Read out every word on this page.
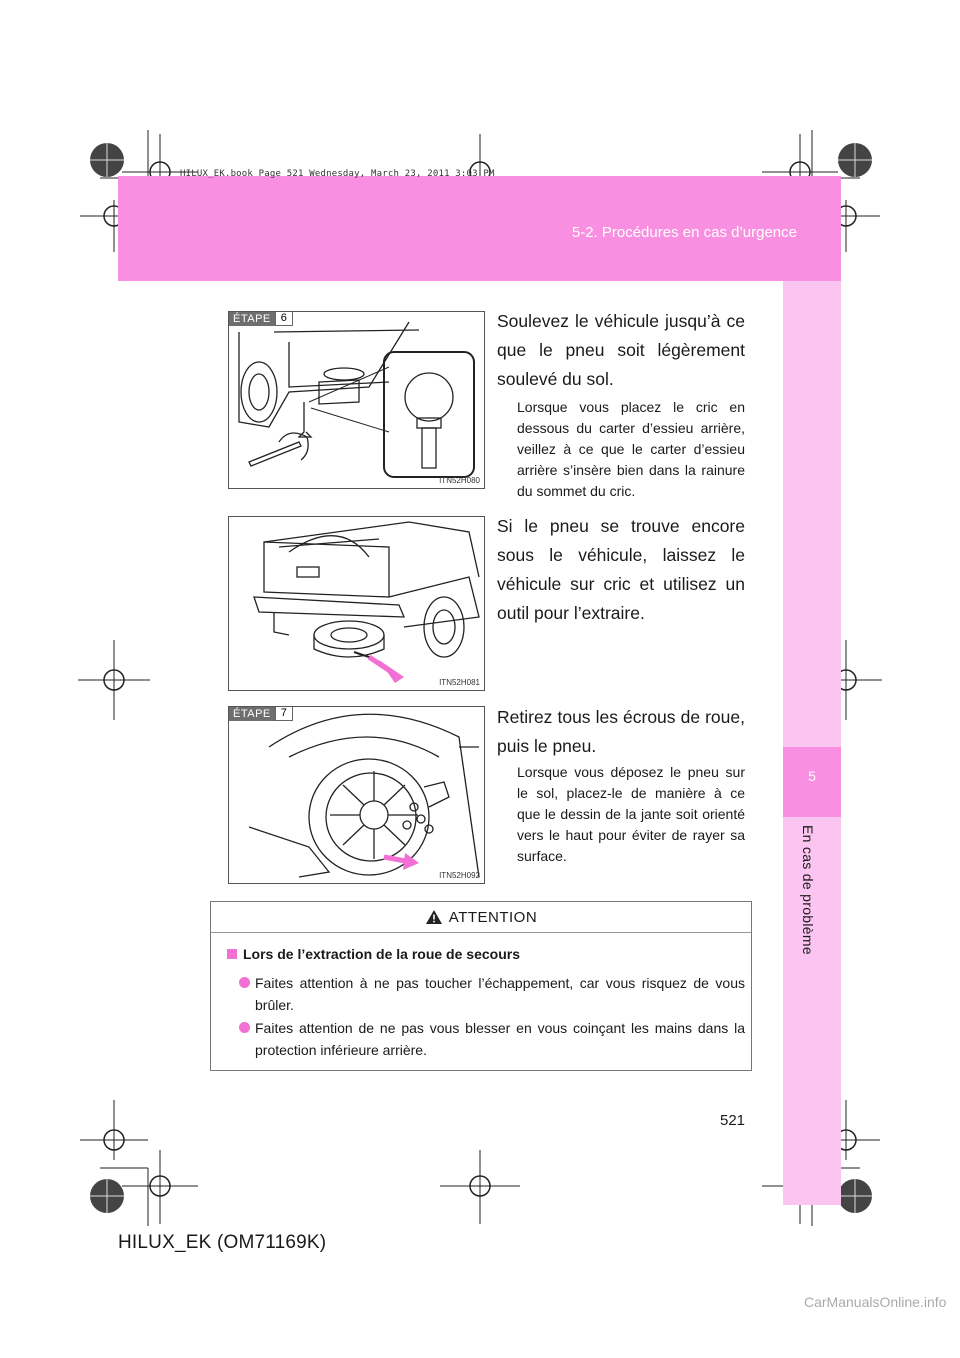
5-2. Procédures en cas d’urgence
HILUX_EK.book Page 521 Wednesday, March 23, 2011 3:03 PM
5
En cas de problème
ÉTAPE 6
ITN52H080
Soulevez le véhicule jusqu’à ce que le pneu soit légèrement soulevé du sol.
Lorsque vous placez le cric en dessous du carter d’essieu arrière, veillez à ce que le carter d’essieu arrière s’insère bien dans la rainure du sommet du cric.
ITN52H081
Si le pneu se trouve encore sous le véhicule, laissez le véhicule sur cric et utilisez un outil pour l’extraire.
ÉTAPE 7
ITN52H092
Retirez tous les écrous de roue, puis le pneu.
Lorsque vous déposez le pneu sur le sol, placez-le de manière à ce que le dessin de la jante soit orienté vers le haut pour éviter de rayer sa surface.
ATTENTION
Lors de l’extraction de la roue de secours
Faites attention à ne pas toucher l’échappement, car vous risquez de vous brûler.
Faites attention de ne pas vous blesser en vous coinçant les mains dans la protection inférieure arrière.
521
HILUX_EK (OM71169K)
CarManualsOnline.info
